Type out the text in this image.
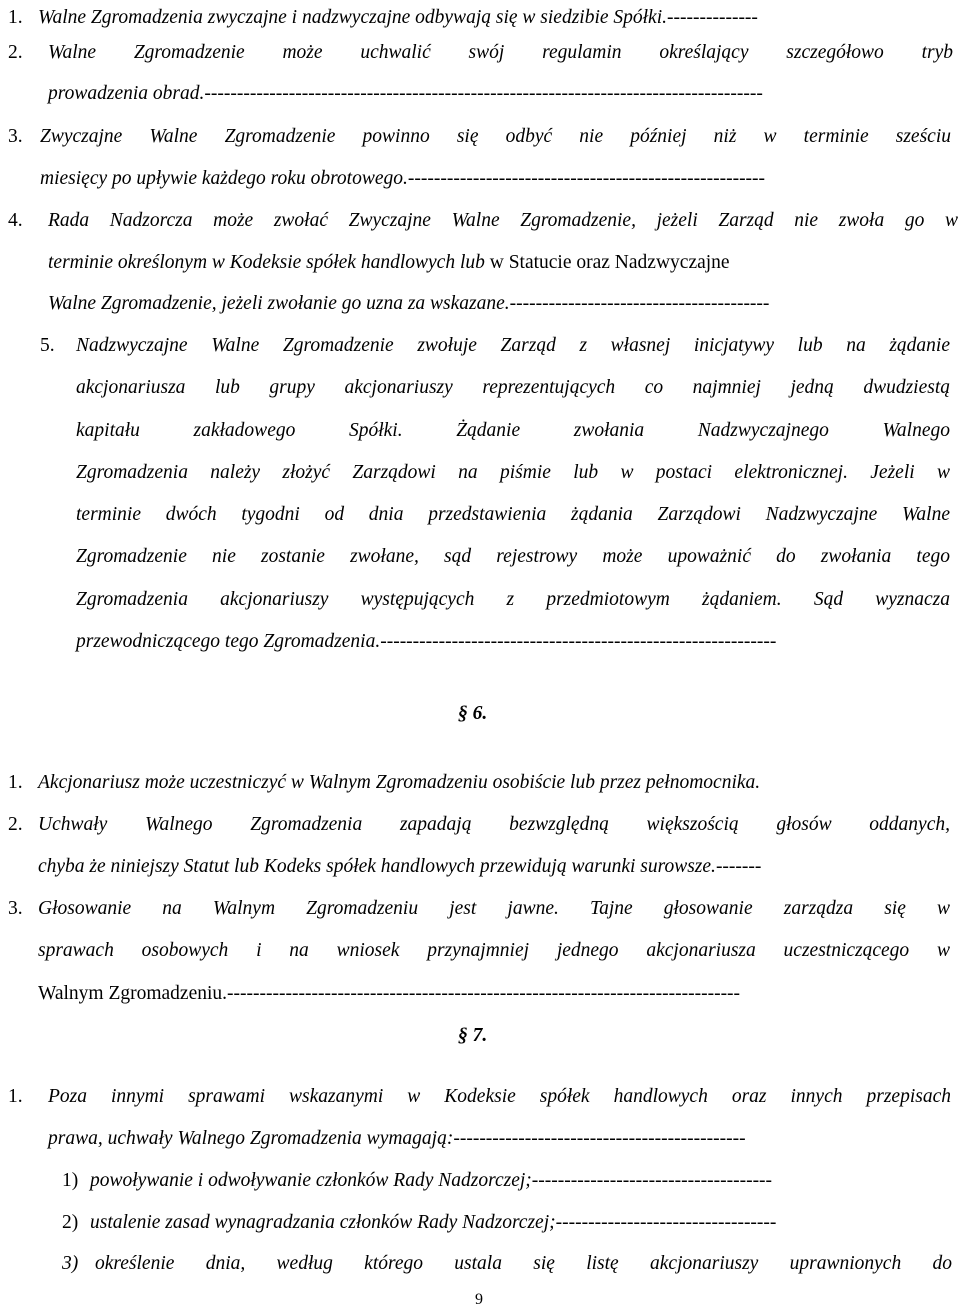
1. Walne Zgromadzenia zwyczajne i nadzwyczajne odbywają się w siedzibie Spółki.--------------
2. Walne Zgromadzenie może uchwalić swój regulamin określający szczegółowo tryb
prowadzenia obrad.--------------------------------------------------------------------------------------
3. Zwyczajne Walne Zgromadzenie powinno się odbyć nie później niż w terminie sześciu
miesięcy po upływie każdego roku obrotowego.-------------------------------------------------------
4. Rada Nadzorcza może zwołać Zwyczajne Walne Zgromadzenie, jeżeli Zarząd nie zwoła go w
terminie określonym w Kodeksie spółek handlowych lub w Statucie oraz Nadzwyczajne
Walne Zgromadzenie, jeżeli zwołanie go uzna za wskazane.----------------------------------------
5. Nadzwyczajne Walne Zgromadzenie zwołuje Zarząd z własnej inicjatywy lub na żądanie
akcjonariusza lub grupy akcjonariuszy reprezentujących co najmniej jedną dwudziestą
kapitału zakładowego Spółki. Żądanie zwołania Nadzwyczajnego Walnego
Zgromadzenia należy złożyć Zarządowi na piśmie lub w postaci elektronicznej. Jeżeli w
terminie dwóch tygodni od dnia przedstawienia żądania Zarządowi Nadzwyczajne Walne
Zgromadzenie nie zostanie zwołane, sąd rejestrowy może upoważnić do zwołania tego
Zgromadzenia akcjonariuszy występujących z przedmiotowym żądaniem. Sąd wyznacza
przewodniczącego tego Zgromadzenia.-------------------------------------------------------------
§ 6.
1. Akcjonariusz może uczestniczyć w Walnym Zgromadzeniu osobiście lub przez pełnomocnika.
2. Uchwały Walnego Zgromadzenia zapadają bezwzględną większością głosów oddanych,
chyba że niniejszy Statut lub Kodeks spółek handlowych przewidują warunki surowsze.-------
3. Głosowanie na Walnym Zgromadzeniu jest jawne. Tajne głosowanie zarządza się w
sprawach osobowych i na wniosek przynajmniej jednego akcjonariusza uczestniczącego w
Walnym Zgromadzeniu.-------------------------------------------------------------------------------
§ 7.
1. Poza innymi sprawami wskazanymi w Kodeksie spółek handlowych oraz innych przepisach
prawa, uchwały Walnego Zgromadzenia wymagają:---------------------------------------------
1) powoływanie i odwoływanie członków Rady Nadzorczej;-------------------------------------
2) ustalenie zasad wynagradzania członków Rady Nadzorczej;----------------------------------
3) określenie dnia, według którego ustala się listę akcjonariuszy uprawnionych do
9
